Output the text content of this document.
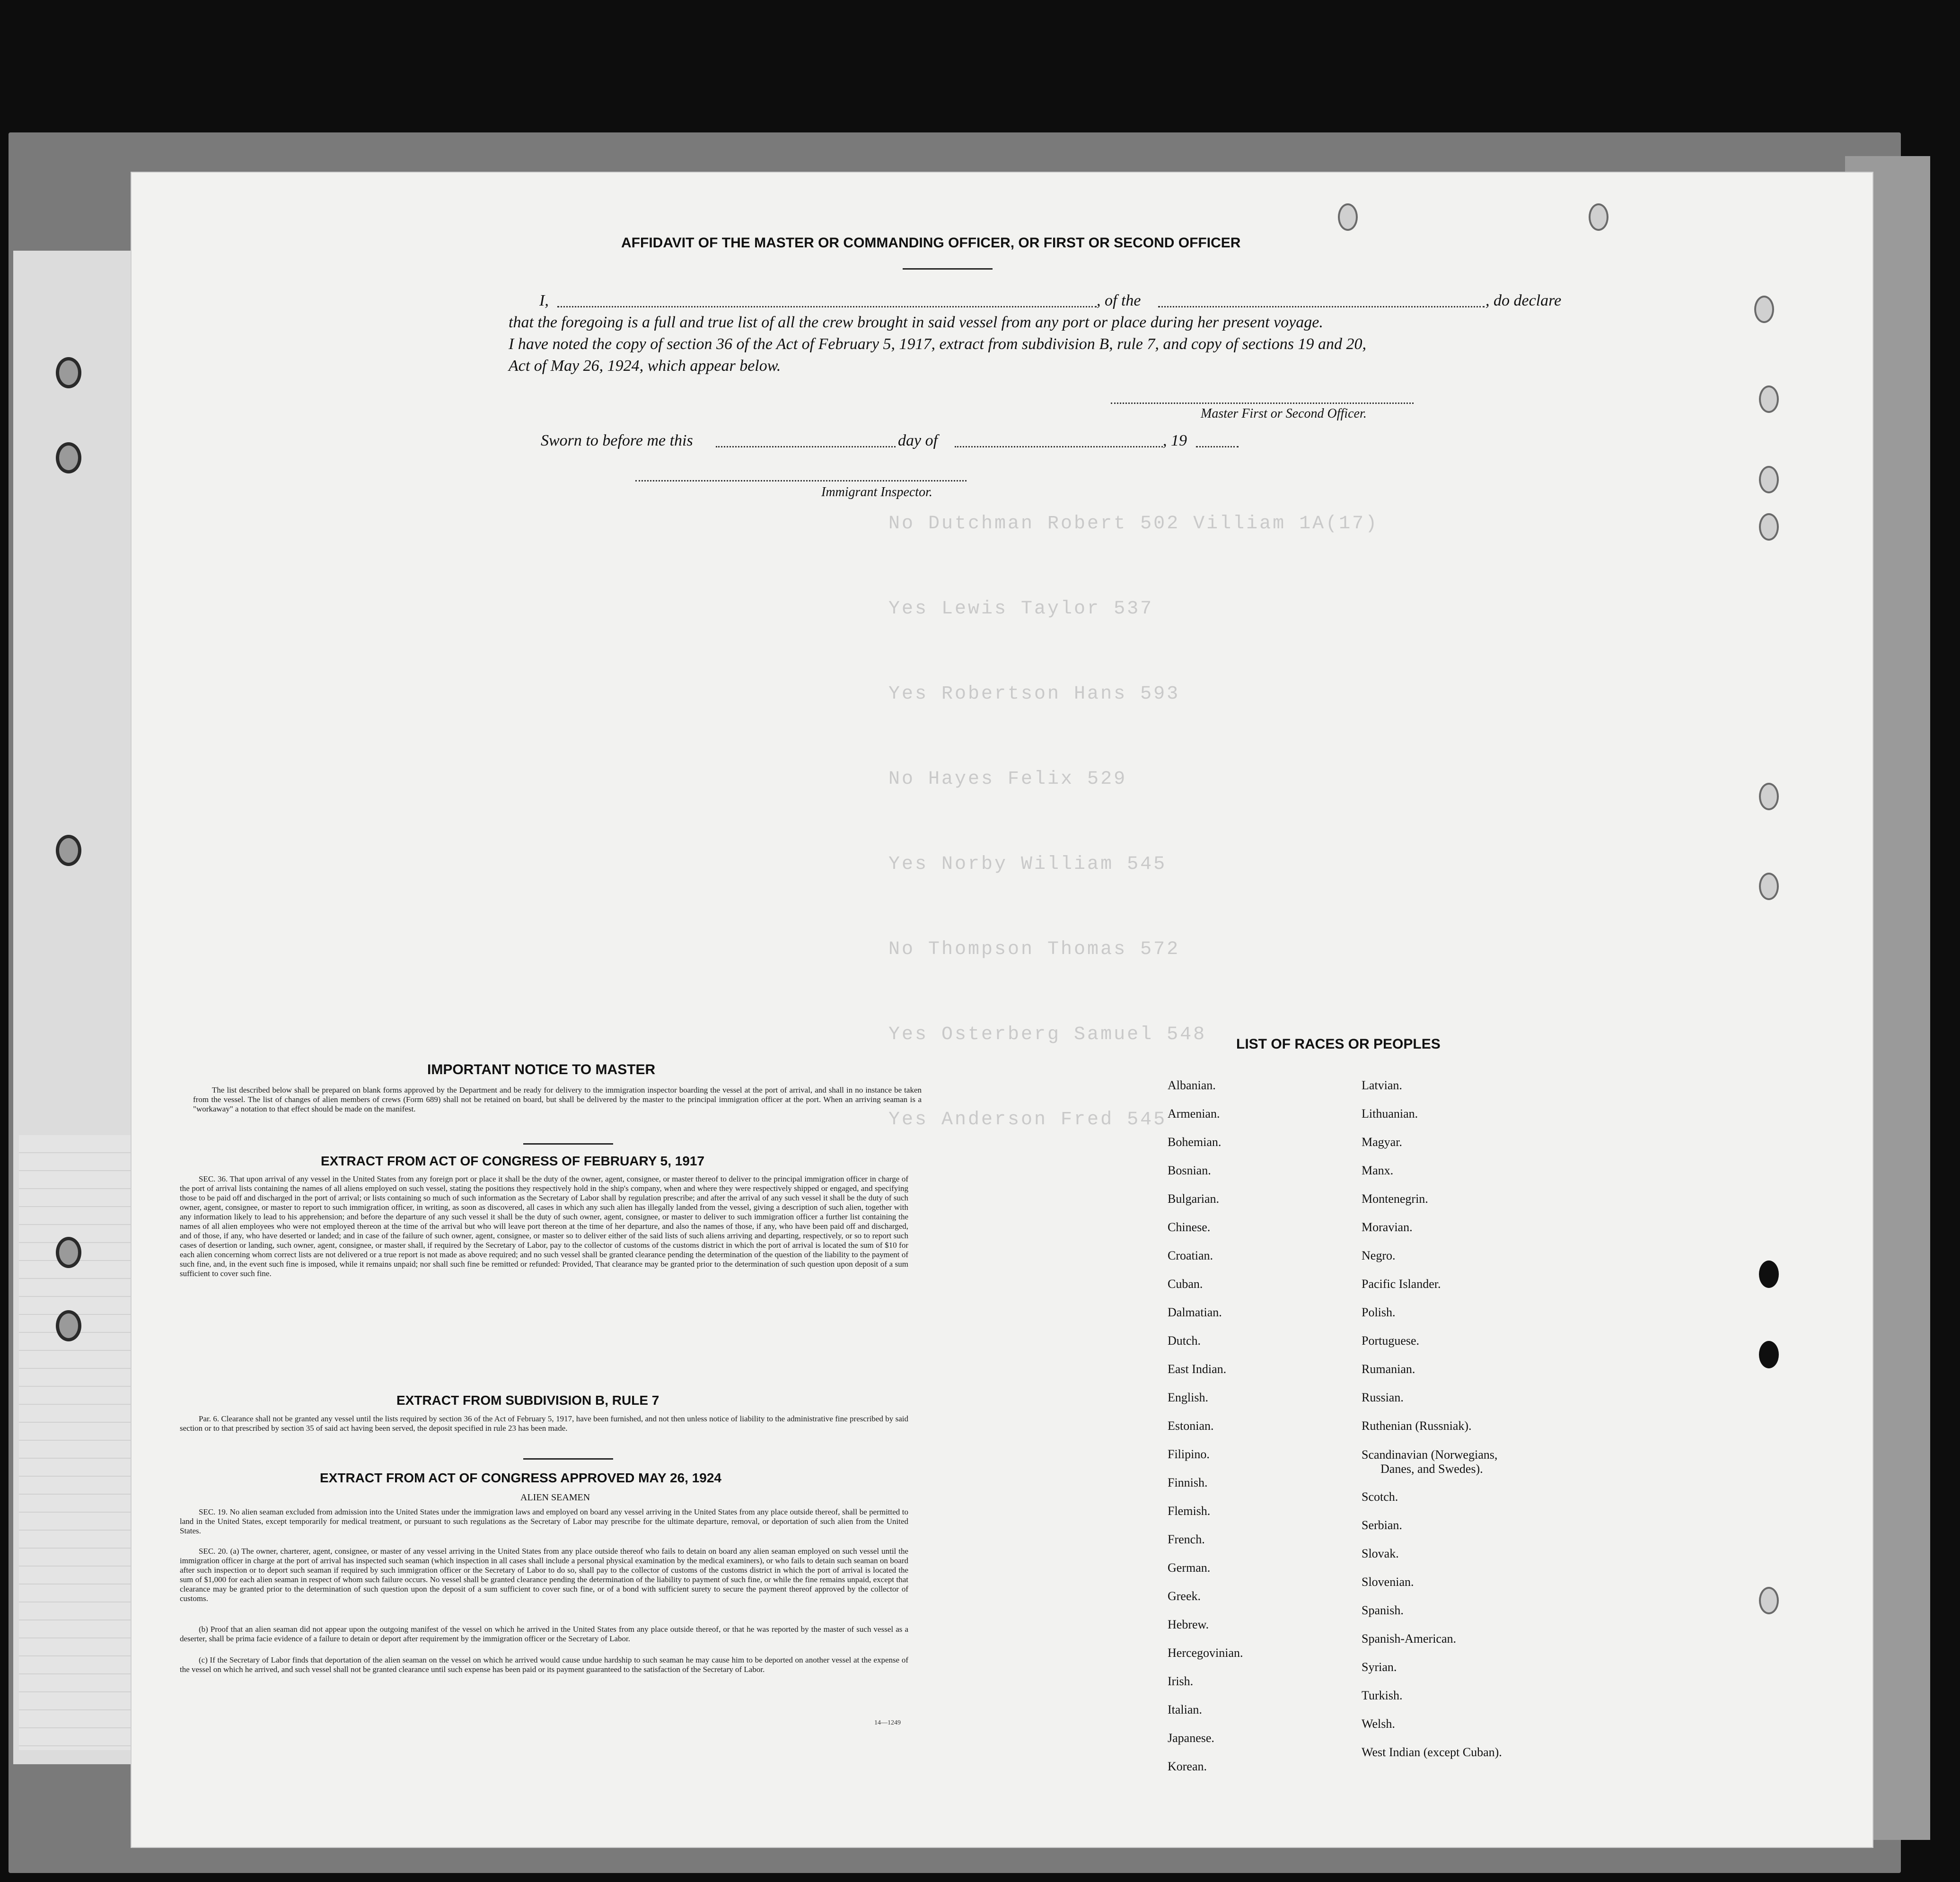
No Dutchman Robert 502 Villiam 1A(17)
Yes Lewis Taylor 537
Yes Robertson Hans 593
No Hayes Felix 529
Yes Norby William 545
No Thompson Thomas 572
Yes Osterberg Samuel 548
Yes Anderson Fred 545
AFFIDAVIT OF THE MASTER OR COMMANDING OFFICER, OR FIRST OR SECOND OFFICER
I,	, of the	, do declare
that the foregoing is a full and true list of all the crew brought in said vessel from any port or place during her present voyage.
I have noted the copy of section 36 of the Act of February 5, 1917, extract from subdivision B, rule 7, and copy of sections 19 and 20,
Act of May 26, 1924, which appear below.
Master First or Second Officer.
Sworn to before me this	day of	, 19
Immigrant Inspector.
IMPORTANT NOTICE TO MASTER
The list described below shall be prepared on blank forms approved by the Department and be ready for delivery to the immigration inspector boarding the vessel at the port of arrival, and shall in no instance be taken from the vessel. The list of changes of alien members of crews (Form 689) shall not be retained on board, but shall be delivered by the master to the principal immigration officer at the port. When an arriving seaman is a "workaway" a notation to that effect should be made on the manifest.
EXTRACT FROM ACT OF CONGRESS OF FEBRUARY 5, 1917
SEC. 36. That upon arrival of any vessel in the United States from any foreign port or place it shall be the duty of the owner, agent, consignee, or master thereof to deliver to the principal immigration officer in charge of the port of arrival lists containing the names of all aliens employed on such vessel, stating the positions they respectively hold in the ship's company, when and where they were respectively shipped or engaged, and specifying those to be paid off and discharged in the port of arrival; or lists containing so much of such information as the Secretary of Labor shall by regulation prescribe; and after the arrival of any such vessel it shall be the duty of such owner, agent, consignee, or master to report to such immigration officer, in writing, as soon as discovered, all cases in which any such alien has illegally landed from the vessel, giving a description of such alien, together with any information likely to lead to his apprehension; and before the departure of any such vessel it shall be the duty of such owner, agent, consignee, or master to deliver to such immigration officer a further list containing the names of all alien employees who were not employed thereon at the time of the arrival but who will leave port thereon at the time of her departure, and also the names of those, if any, who have been paid off and discharged, and of those, if any, who have deserted or landed; and in case of the failure of such owner, agent, consignee, or master so to deliver either of the said lists of such aliens arriving and departing, respectively, or so to report such cases of desertion or landing, such owner, agent, consignee, or master shall, if required by the Secretary of Labor, pay to the collector of customs of the customs district in which the port of arrival is located the sum of $10 for each alien concerning whom correct lists are not delivered or a true report is not made as above required; and no such vessel shall be granted clearance pending the determination of the question of the liability to the payment of such fine, and, in the event such fine is imposed, while it remains unpaid; nor shall such fine be remitted or refunded: Provided, That clearance may be granted prior to the determination of such question upon deposit of a sum sufficient to cover such fine.
EXTRACT FROM SUBDIVISION B, RULE 7
Par. 6. Clearance shall not be granted any vessel until the lists required by section 36 of the Act of February 5, 1917, have been furnished, and not then unless notice of liability to the administrative fine prescribed by said section or to that prescribed by section 35 of said act having been served, the deposit specified in rule 23 has been made.
EXTRACT FROM ACT OF CONGRESS APPROVED MAY 26, 1924
ALIEN SEAMEN
SEC. 19. No alien seaman excluded from admission into the United States under the immigration laws and employed on board any vessel arriving in the United States from any place outside thereof, shall be permitted to land in the United States, except temporarily for medical treatment, or pursuant to such regulations as the Secretary of Labor may prescribe for the ultimate departure, removal, or deportation of such alien from the United States.
SEC. 20. (a) The owner, charterer, agent, consignee, or master of any vessel arriving in the United States from any place outside thereof who fails to detain on board any alien seaman employed on such vessel until the immigration officer in charge at the port of arrival has inspected such seaman (which inspection in all cases shall include a personal physical examination by the medical examiners), or who fails to detain such seaman on board after such inspection or to deport such seaman if required by such immigration officer or the Secretary of Labor to do so, shall pay to the collector of customs of the customs district in which the port of arrival is located the sum of $1,000 for each alien seaman in respect of whom such failure occurs. No vessel shall be granted clearance pending the determination of the liability to payment of such fine, or while the fine remains unpaid, except that clearance may be granted prior to the determination of such question upon the deposit of a sum sufficient to cover such fine, or of a bond with sufficient surety to secure the payment thereof approved by the collector of customs.
(b) Proof that an alien seaman did not appear upon the outgoing manifest of the vessel on which he arrived in the United States from any place outside thereof, or that he was reported by the master of such vessel as a deserter, shall be prima facie evidence of a failure to detain or deport after requirement by the immigration officer or the Secretary of Labor.
(c) If the Secretary of Labor finds that deportation of the alien seaman on the vessel on which he arrived would cause undue hardship to such seaman he may cause him to be deported on another vessel at the expense of the vessel on which he arrived, and such vessel shall not be granted clearance until such expense has been paid or its payment guaranteed to the satisfaction of the Secretary of Labor.
14—1249
LIST OF RACES OR PEOPLES
Albanian.
Armenian.
Bohemian.
Bosnian.
Bulgarian.
Chinese.
Croatian.
Cuban.
Dalmatian.
Dutch.
East Indian.
English.
Estonian.
Filipino.
Finnish.
Flemish.
French.
German.
Greek.
Hebrew.
Hercegovinian.
Irish.
Italian.
Japanese.
Korean.
Latvian.
Lithuanian.
Magyar.
Manx.
Montenegrin.
Moravian.
Negro.
Pacific Islander.
Polish.
Portuguese.
Rumanian.
Russian.
Ruthenian (Russniak).
Scandinavian (Norwegians,
Danes, and Swedes).
Scotch.
Serbian.
Slovak.
Slovenian.
Spanish.
Spanish-American.
Syrian.
Turkish.
Welsh.
West Indian (except Cuban).
